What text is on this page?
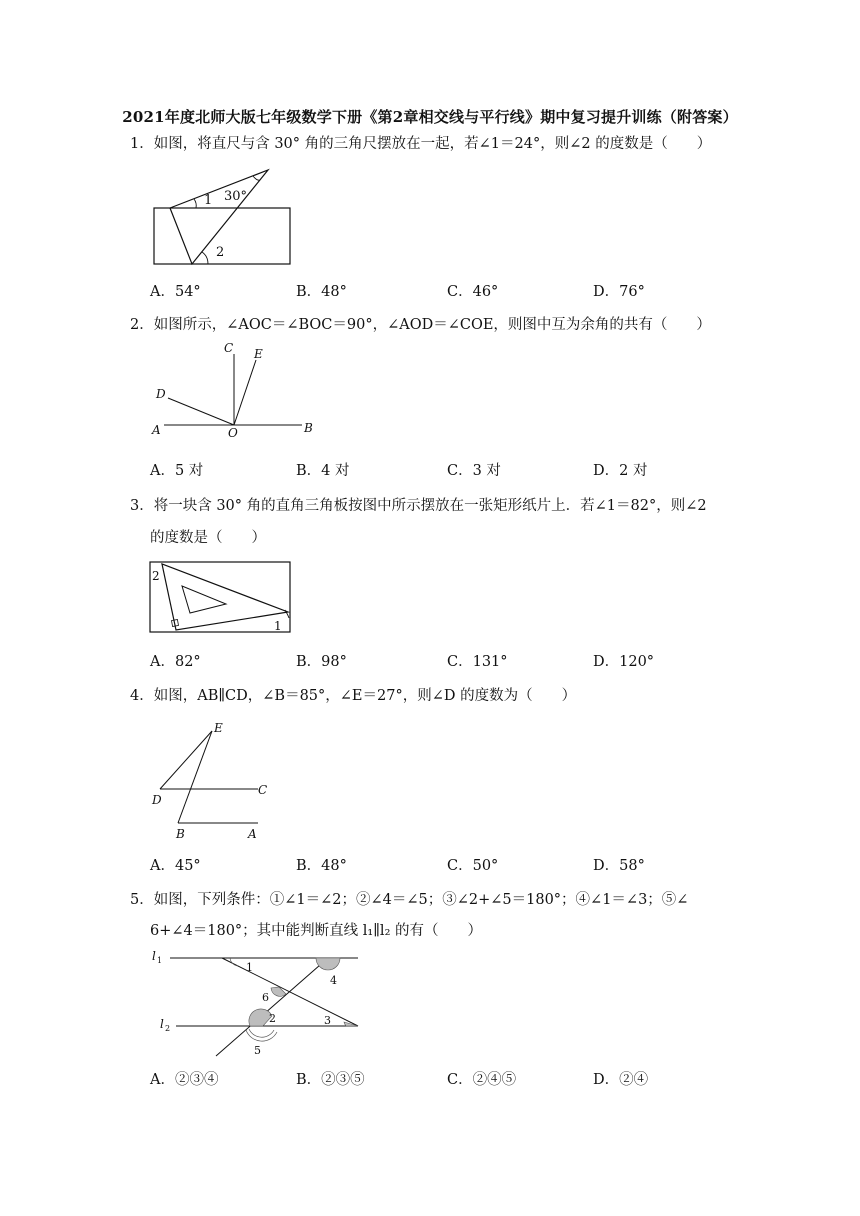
2021年度北师大版七年级数学下册《第2章相交线与平行线》期中复习提升训练（附答案）
1．如图，将直尺与含 30° 角的三角尺摆放在一起，若∠1＝24°，则∠2 的度数是（　　）
1 30°
2
A．54°	B．48°	C．46°	D．76°
2．如图所示，∠AOC＝∠BOC＝90°，∠AOD＝∠COE，则图中互为余角的共有（　　）
C E
D
A	O	B
A．5 对	B．4 对	C．3 对	D．2 对
3．将一块含 30° 角的直角三角板按图中所示摆放在一张矩形纸片上．若∠1＝82°，则∠2
的度数是（　　）
2
1
A．82°	B．98°	C．131°	D．120°
4．如图，AB∥CD，∠B＝85°，∠E＝27°，则∠D 的度数为（　　）
E
D
C
B	A
A．45°	B．48°	C．50°	D．58°
5．如图，下列条件：①∠1＝∠2；②∠4＝∠5；③∠2+∠5＝180°；④∠1＝∠3；⑤∠
6+∠4＝180°；其中能判断直线 l₁∥l₂ 的有（　　）
l 1
l 2
1
4
6
2	3
5
A．②③④	B．②③⑤	C．②④⑤	D．②④
